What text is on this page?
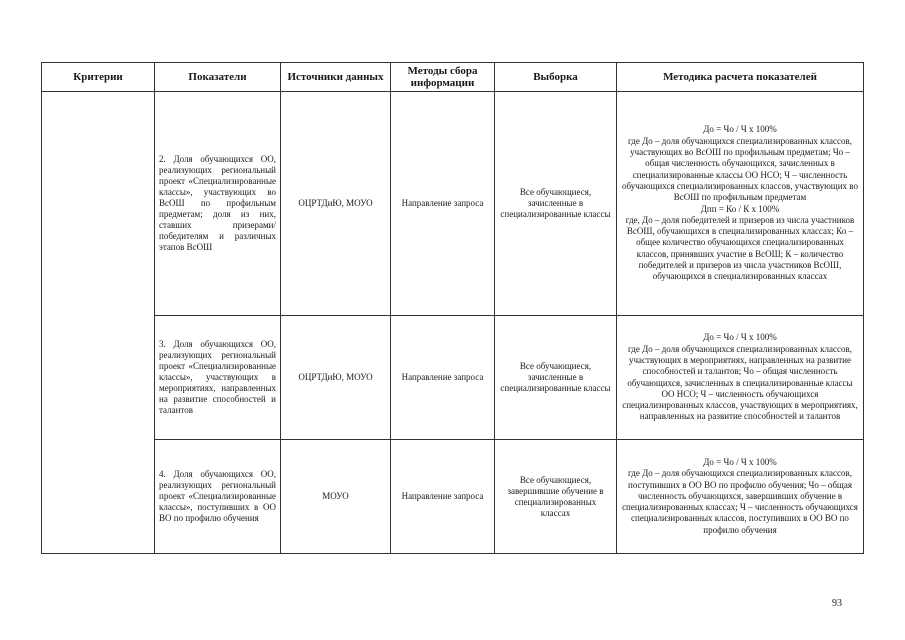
Критерии	Показатели	Источники данных	Методы сбора информации	Выборка	Методика расчета показателей
	2. Доля обучающихся ОО, реализующих региональный проект «Специализированные классы», участвующих во ВсОШ по профильным предметам; доля из них, ставших призерами/победителям и различных этапов ВсОШ	ОЦРТДиЮ, МОУО	Направление запроса	Все обучающиеся, зачисленные в специализированные классы	До = Чо / Ч х 100%
где До – доля обучающихся специализированных классов, участвующих во ВсОШ по профильным предметам; Чо – общая численность обучающихся, зачисленных в специализированные классы ОО НСО; Ч – численность обучающихся специализированных классов, участвующих во ВсОШ по профильным предметам
Дпп = Ко / К х 100%
где, До – доля победителей и призеров из числа участников ВсОШ, обучающихся в специализированных классах; Ко – общее количество обучающихся специализированных классов, принявших участие в ВсОШ; К – количество победителей и призеров из числа участников ВсОШ, обучающихся в специализированных классах

	3. Доля обучающихся ОО, реализующих региональный проект «Специализированные классы», участвующих в мероприятиях, направленных на развитие способностей и талантов	ОЦРТДиЮ, МОУО	Направление запроса	Все обучающиеся, зачисленные в специализированные классы	До = Чо / Ч х 100%
где До – доля обучающихся специализированных классов, участвующих в мероприятиях, направленных на развитие способностей и талантов; Чо – общая численность обучающихся, зачисленных в специализированные классы ОО НСО; Ч – численность обучающихся специализированных классов, участвующих в мероприятиях, направленных на развитие способностей и талантов

	4. Доля обучающихся ОО, реализующих региональный проект «Специализированные классы», поступивших в ОО ВО по профилю обучения	МОУО	Направление запроса	Все обучающиеся, завершившие обучение в специализированных классах	До = Чо / Ч х 100%
где До – доля обучающихся специализированных классов, поступивших в ОО ВО по профилю обучения; Чо – общая численность обучающихся, завершивших обучение в специализированных классах; Ч – численность обучающихся специализированных классов, поступивших в ОО ВО по профилю обучения
93
